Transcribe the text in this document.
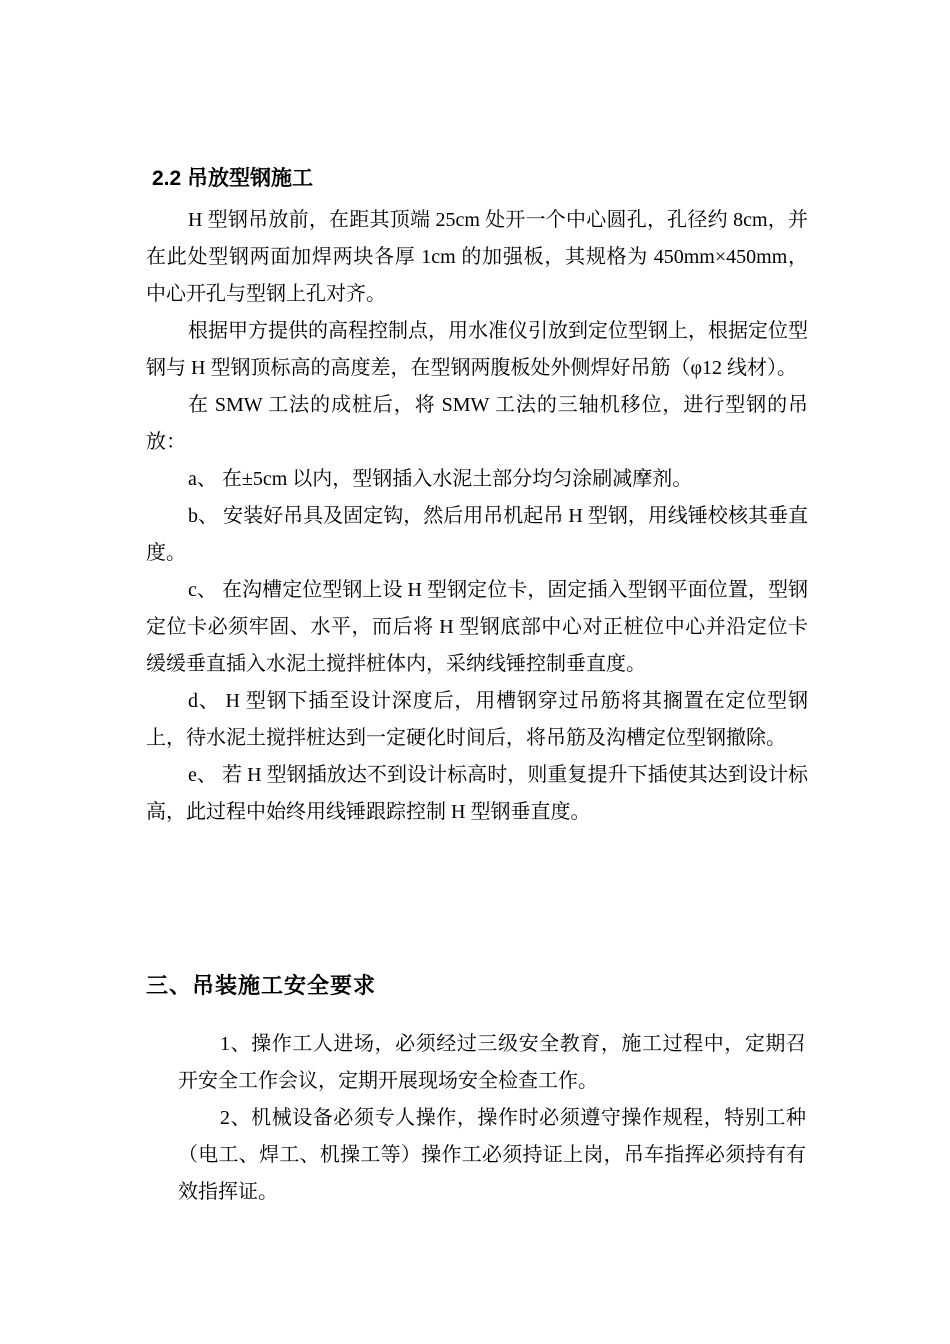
2.2 吊放型钢施工

H 型钢吊放前，在距其顶端 25cm 处开一个中心圆孔，孔径约 8cm，并在此处型钢两面加焊两块各厚 1cm 的加强板，其规格为 450mm×450mm，中心开孔与型钢上孔对齐。

根据甲方提供的高程控制点，用水准仪引放到定位型钢上，根据定位型钢与 H 型钢顶标高的高度差，在型钢两腹板处外侧焊好吊筋（φ12 线材）。

在 SMW 工法的成桩后，将 SMW 工法的三轴机移位，进行型钢的吊放：

a、 在±5cm 以内，型钢插入水泥土部分均匀涂刷减摩剂。

b、 安装好吊具及固定钩，然后用吊机起吊 H 型钢，用线锤校核其垂直度。

c、 在沟槽定位型钢上设 H 型钢定位卡，固定插入型钢平面位置，型钢定位卡必须牢固、水平，而后将 H 型钢底部中心对正桩位中心并沿定位卡缓缓垂直插入水泥土搅拌桩体内，采纳线锤控制垂直度。

d、 H 型钢下插至设计深度后，用槽钢穿过吊筋将其搁置在定位型钢上，待水泥土搅拌桩达到一定硬化时间后，将吊筋及沟槽定位型钢撤除。

e、 若 H 型钢插放达不到设计标高时，则重复提升下插使其达到设计标高，此过程中始终用线锤跟踪控制 H 型钢垂直度。

三、吊装施工安全要求

1、操作工人进场，必须经过三级安全教育，施工过程中，定期召开安全工作会议，定期开展现场安全检查工作。

2、机械设备必须专人操作，操作时必须遵守操作规程，特别工种（电工、焊工、机操工等）操作工必须持证上岗，吊车指挥必须持有有效指挥证。
